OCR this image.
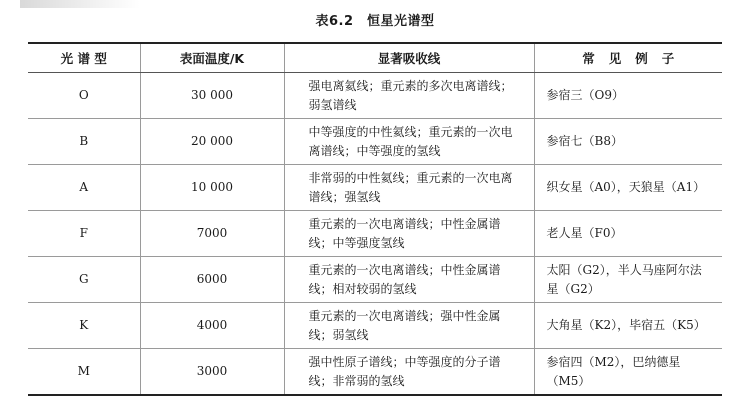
表6.2　恒星光谱型
光 谱 型	表面温度/K	显著吸收线	常见例子
O	30 000	强电离氦线；重元素的多次电离谱线；弱氢谱线	参宿三（O9）
B	20 000	中等强度的中性氦线；重元素的一次电离谱线；中等强度的氢线	参宿七（B8）
A	10 000	非常弱的中性氦线；重元素的一次电离谱线；强氢线	织女星（A0），天狼星（A1）
F	7000	重元素的一次电离谱线；中性金属谱线；中等强度氢线	老人星（F0）
G	6000	重元素的一次电离谱线；中性金属谱线；相对较弱的氢线	太阳（G2），半人马座阿尔法星（G2）
K	4000	重元素的一次电离谱线；强中性金属线；弱氢线	大角星（K2），毕宿五（K5）
M	3000	强中性原子谱线；中等强度的分子谱线；非常弱的氢线	参宿四（M2），巴纳德星（M5）
